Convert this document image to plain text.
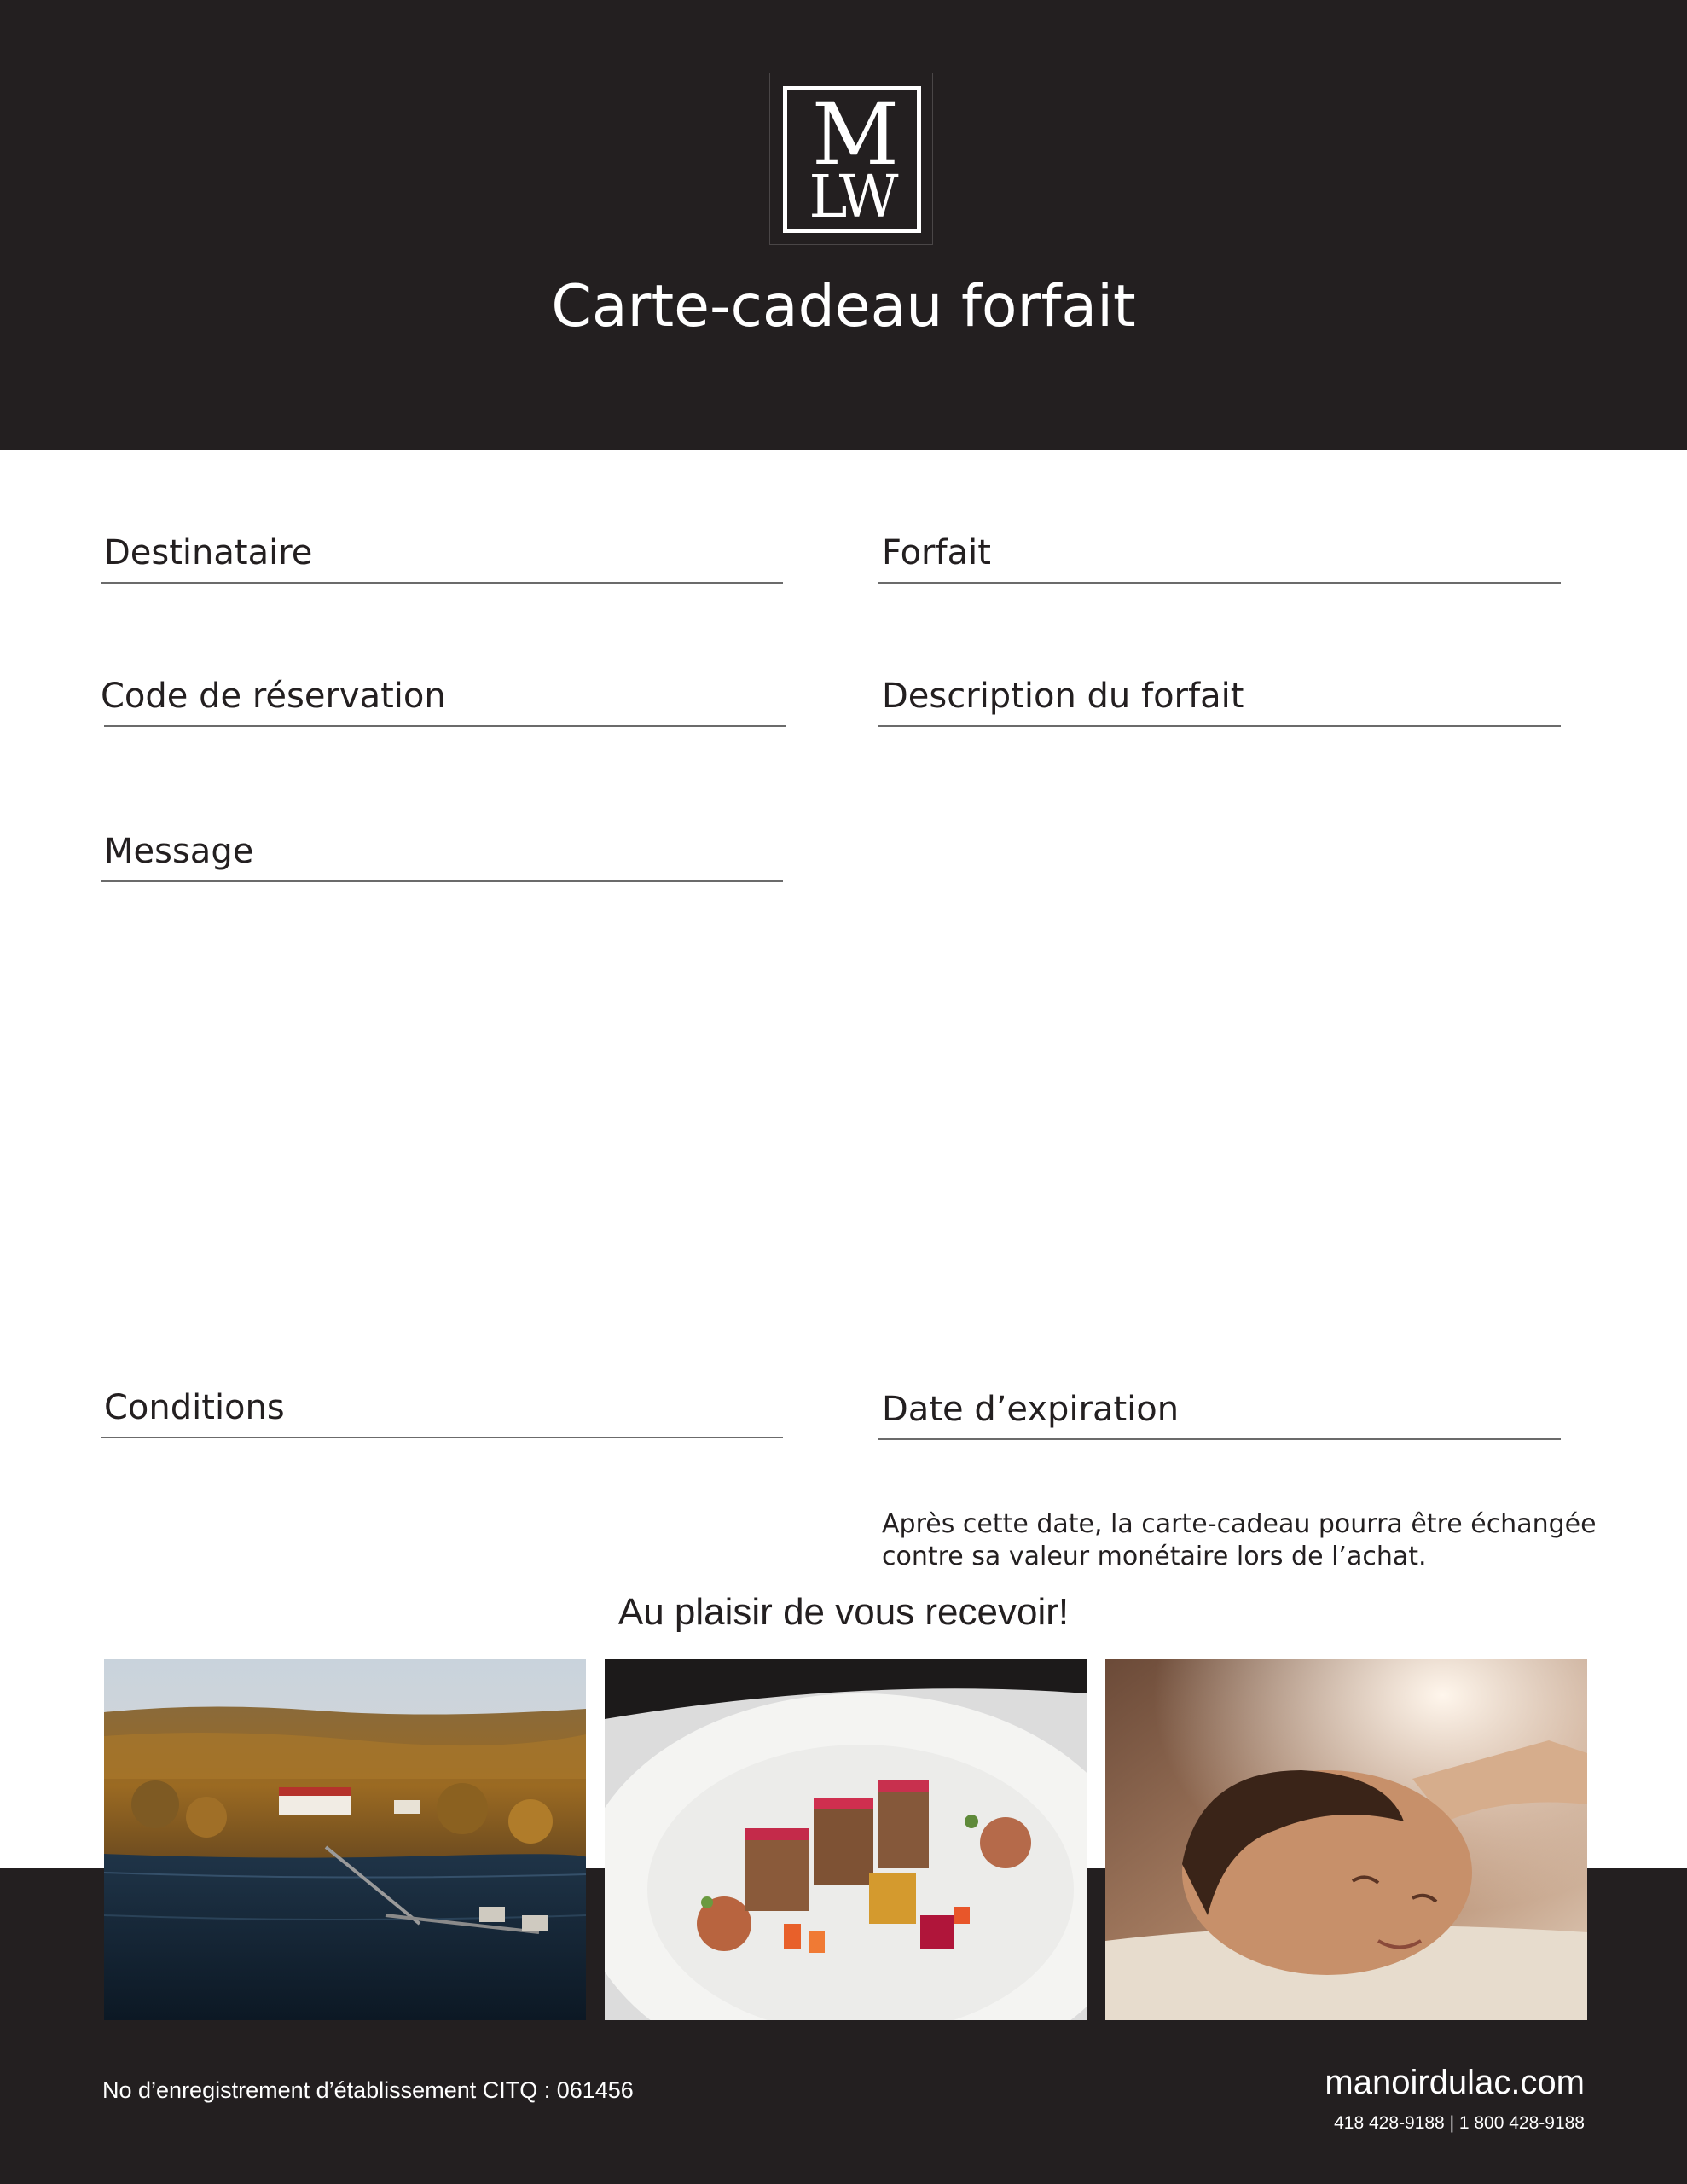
M
LW
Carte-cadeau forfait
Destinataire
Code de réservation
Message
Conditions
Forfait
Description du forfait
Date d’expiration
Après cette date, la carte-cadeau pourra être échangée contre sa valeur monétaire lors de l’achat.
Au plaisir de vous recevoir!
No d’enregistrement d’établissement CITQ : 061456	manoirdulac.com
418 428-9188 | 1 800 428-9188
